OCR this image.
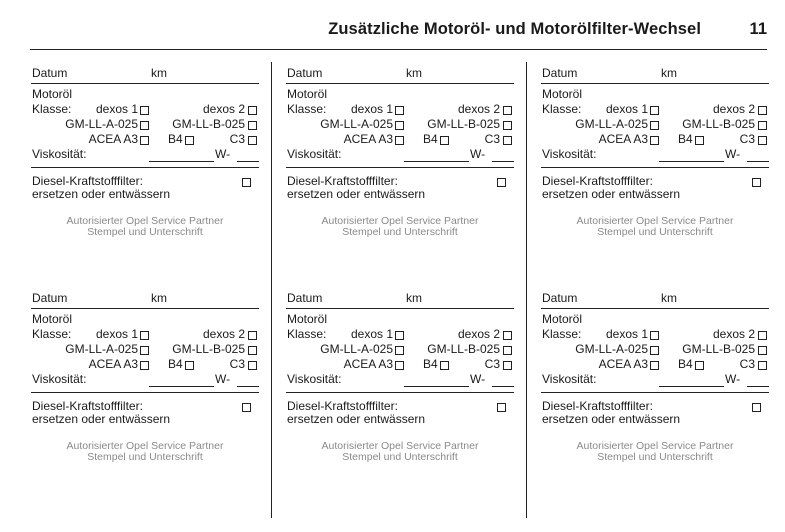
Zusätzliche Motoröl- und Motorölfilter-Wechsel	11
Datum	km
Motoröl
Klasse: dexos 1	dexos 2
GM-LL-A-025	GM-LL-B-025
ACEA A3	B4	C3
Viskosität:	W-
Diesel-Kraftstofffilter:
ersetzen oder entwässern
Autorisierter Opel Service Partner
Stempel und Unterschrift
Datum	km
Motoröl
Klasse: dexos 1	dexos 2
GM-LL-A-025	GM-LL-B-025
ACEA A3	B4	C3
Viskosität:	W-
Diesel-Kraftstofffilter:
ersetzen oder entwässern
Autorisierter Opel Service Partner
Stempel und Unterschrift
Datum	km
Motoröl
Klasse: dexos 1	dexos 2
GM-LL-A-025	GM-LL-B-025
ACEA A3	B4	C3
Viskosität:	W-
Diesel-Kraftstofffilter:
ersetzen oder entwässern
Autorisierter Opel Service Partner
Stempel und Unterschrift
Datum	km
Motoröl
Klasse: dexos 1	dexos 2
GM-LL-A-025	GM-LL-B-025
ACEA A3	B4	C3
Viskosität:	W-
Diesel-Kraftstofffilter:
ersetzen oder entwässern
Autorisierter Opel Service Partner
Stempel und Unterschrift
Datum	km
Motoröl
Klasse: dexos 1	dexos 2
GM-LL-A-025	GM-LL-B-025
ACEA A3	B4	C3
Viskosität:	W-
Diesel-Kraftstofffilter:
ersetzen oder entwässern
Autorisierter Opel Service Partner
Stempel und Unterschrift
Datum	km
Motoröl
Klasse: dexos 1	dexos 2
GM-LL-A-025	GM-LL-B-025
ACEA A3	B4	C3
Viskosität:	W-
Diesel-Kraftstofffilter:
ersetzen oder entwässern
Autorisierter Opel Service Partner
Stempel und Unterschrift
